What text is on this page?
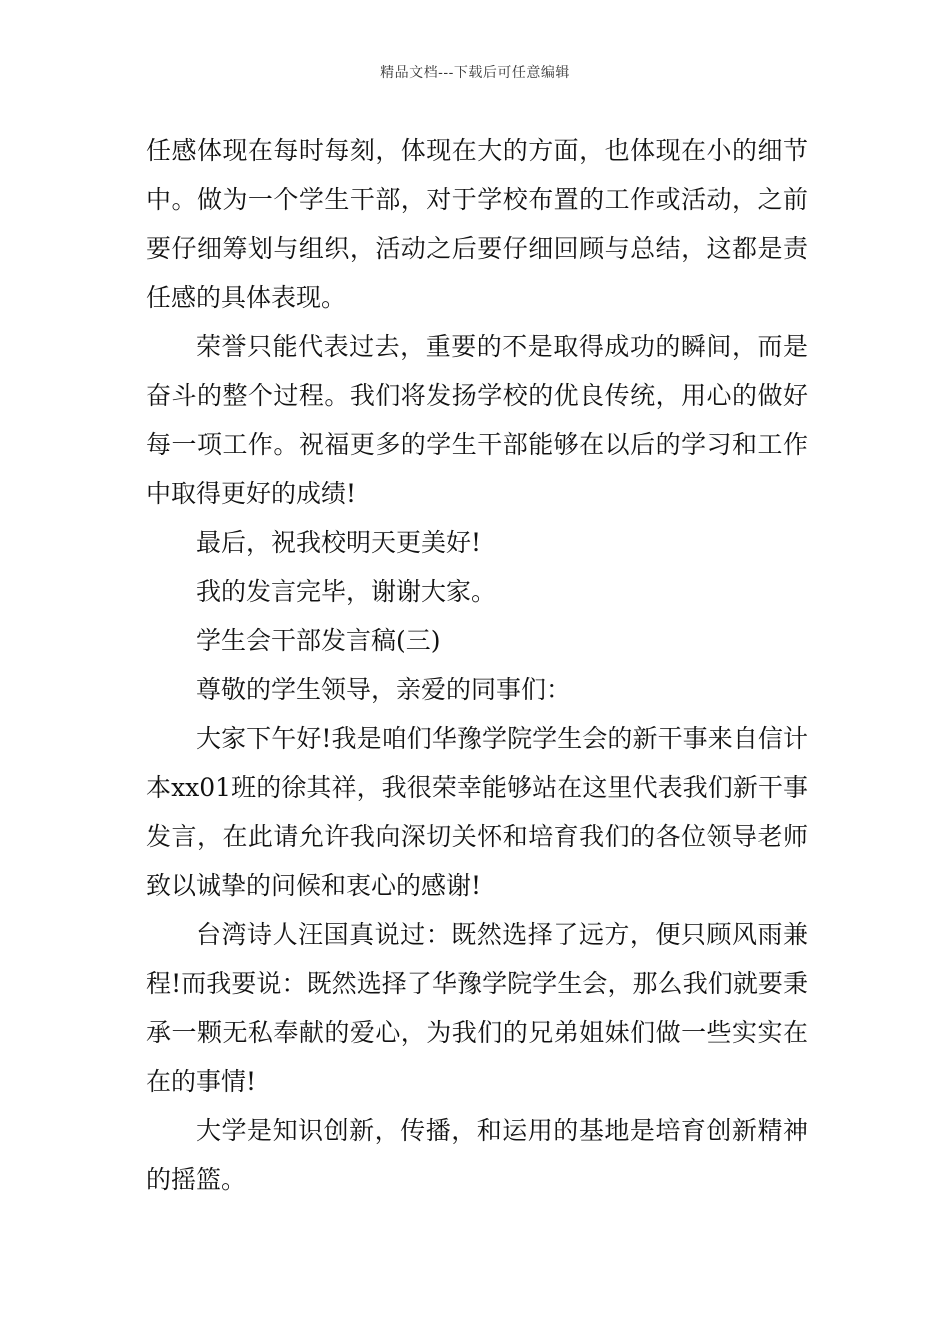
精品文档---下载后可任意编辑

任感体现在每时每刻，体现在大的方面，也体现在小的细节中。做为一个学生干部，对于学校布置的工作或活动，之前要仔细筹划与组织，活动之后要仔细回顾与总结，这都是责任感的具体表现。

荣誉只能代表过去，重要的不是取得成功的瞬间，而是奋斗的整个过程。我们将发扬学校的优良传统，用心的做好每一项工作。祝福更多的学生干部能够在以后的学习和工作中取得更好的成绩!

最后，祝我校明天更美好!

我的发言完毕，谢谢大家。

学生会干部发言稿(三)

尊敬的学生领导，亲爱的同事们：

大家下午好!我是咱们华豫学院学生会的新干事来自信计本xx01班的徐其祥，我很荣幸能够站在这里代表我们新干事发言，在此请允许我向深切关怀和培育我们的各位领导老师致以诚挚的问候和衷心的感谢!

台湾诗人汪国真说过：既然选择了远方，便只顾风雨兼程!而我要说：既然选择了华豫学院学生会，那么我们就要秉承一颗无私奉献的爱心，为我们的兄弟姐妹们做一些实实在在的事情!

大学是知识创新，传播，和运用的基地是培育创新精神的摇篮。
